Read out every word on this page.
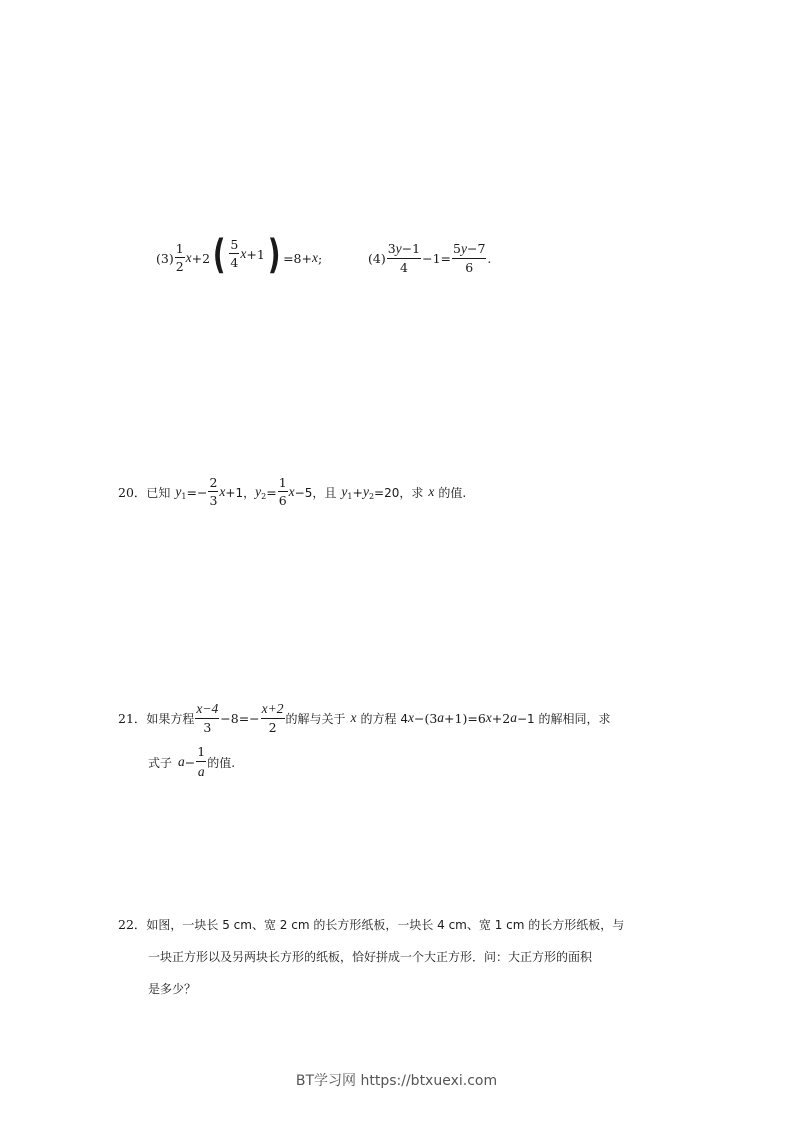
$(3) \frac{1}{2}$ x +2 ( $\frac{5}{4}$ x +1 ) =8+ x ;	$(4) \frac{3y-1}{4} -1= \frac{5y-7}{6}$ .
20． 已知 y $1 =- \frac{2}{3}$ x +1， y $2 = \frac{1}{6}$ x −5，且 y 1 + y 2 =20，求 x 的值.
21． 如果方程 $\frac{x-4}{3} -8=- \frac{x+2}{2}$ 的解与关于 x 的方程 4 x −(3 a +1)=6 x +2 a −1 的解相同，求
式子 $a - \frac{1}{a}$ 的值.
22． 如图，一块长 5 cm、宽 2 cm 的长方形纸板，一块长 4 cm、宽 1 cm 的长方形纸板，与
一块正方形以及另两块长方形的纸板，恰好拼成一个大正方形．问：大正方形的面积
是多少？
BT学习网 https://btxuexi.com
